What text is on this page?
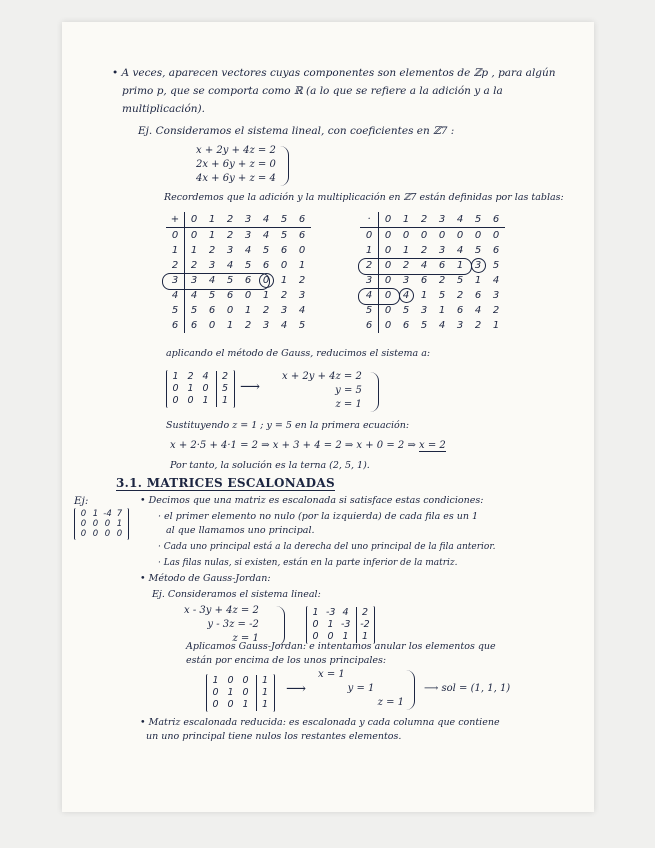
• A veces, aparecen vectores cuyas componentes son elementos de ℤp , para algún

primo p, que se comporta como ℝ (a lo que se refiere a la adición y a la

multiplicación).

Ej. Consideramos el sistema lineal, con coeficientes en ℤ7 :

x + 2y + 4z = 2
2x + 6y + z = 0
4x + 6y + z = 4

Recordemos que la adición y la multiplicación en ℤ7 están definidas por las tablas:

+	0	1	2	3	4	5	6
0	0	1	2	3	4	5	6
1	1	2	3	4	5	6	0
2	2	3	4	5	6	0	1
3	3	4	5	6	0	1	2
4	4	5	6	0	1	2	3
5	5	6	0	1	2	3	4
6	6	0	1	2	3	4	5
·	0	1	2	3	4	5	6
0	0	0	0	0	0	0	0
1	0	1	2	3	4	5	6
2	0	2	4	6	1	3	5
3	0	3	6	2	5	1	4
4	0	4	1	5	2	6	3
5	0	5	3	1	6	4	2
6	0	6	5	4	3	2	1

aplicando el método de Gauss, reducimos el sistema a:

1 2 4	2
0 1 0	5
0 0 1	1

⟶

x + 2y + 4z = 2
y = 5
z = 1

Sustituyendo z = 1 ; y = 5 en la primera ecuación:

x + 2·5 + 4·1 = 2 ⇒ x + 3 + 4 = 2 ⇒ x + 0 = 2 ⇒ x = 2

Por tanto, la solución es la terna (2, 5, 1).

3.1. MATRICES ESCALONADAS

Ej:

0 1 -4 7
0 0 0 1
0 0 0 0

• Decimos que una matriz es escalonada si satisface estas condiciones:

· el primer elemento no nulo (por la izquierda) de cada fila es un 1

al que llamamos uno principal.

· Cada uno principal está a la derecha del uno principal de la fila anterior.

· Las filas nulas, si existen, están en la parte inferior de la matriz.

• Método de Gauss-Jordan:

Ej. Consideramos el sistema lineal:

x - 3y + 4z = 2
y - 3z = -2
z = 1
1 -3 4	2
0 1 -3	-2
0 0 1	1

Aplicamos Gauss-Jordan: e intentamos anular los elementos que

están por encima de los unos principales:

1 0 0	1
0 1 0	1
0 0 1	1

⟶

x = 1
y = 1
z = 1

⟶ sol = (1, 1, 1)

• Matriz escalonada reducida: es escalonada y cada columna que contiene

un uno principal tiene nulos los restantes elementos.
